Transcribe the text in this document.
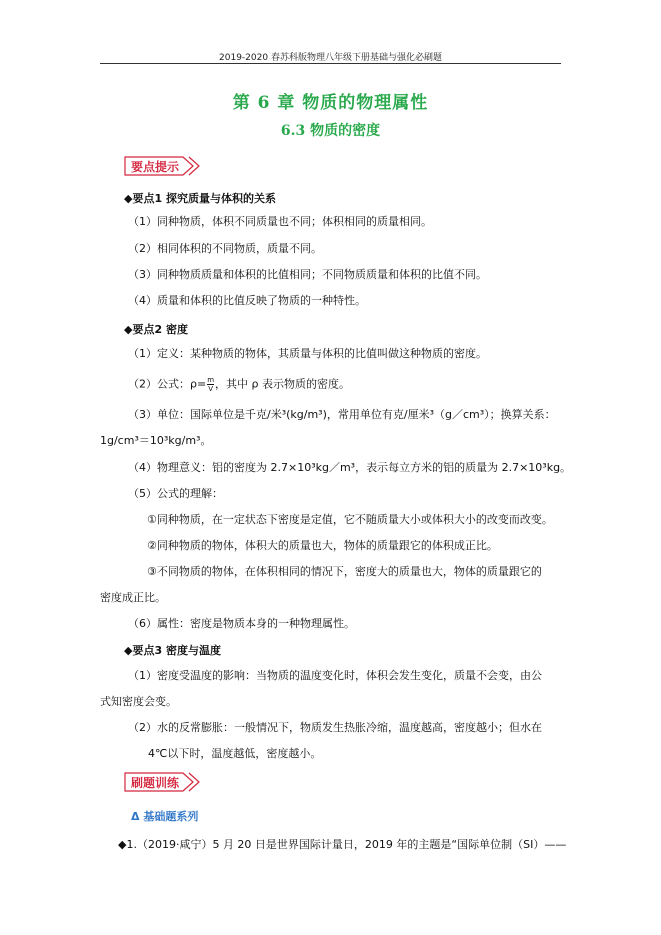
2019-2020 春苏科版物理八年级下册基础与强化必刷题
第 6 章 物质的物理属性
6.3 物质的密度
要点提示
◆要点1 探究质量与体积的关系
（1）同种物质，体积不同质量也不同；体积相同的质量相同。
（2）相同体积的不同物质，质量不同。
（3）同种物质质量和体积的比值相同；不同物质质量和体积的比值不同。
（4）质量和体积的比值反映了物质的一种特性。
◆要点2 密度
（1）定义：某种物质的物体，其质量与体积的比值叫做这种物质的密度。
（2）公式：$\rho= \frac{m}{V}$ ，其中 ρ 表示物质的密度。
（3）单位：国际单位是千克/米³(kg/m³)，常用单位有克/厘米³（g／cm³）；换算关系：
1g/cm³＝10³kg/m³。
（4）物理意义：铝的密度为 2.7×10³kg／m³，表示每立方米的铝的质量为 2.7×10³kg。
（5）公式的理解：
①同种物质，在一定状态下密度是定值，它不随质量大小或体积大小的改变而改变。
②同种物质的物体，体积大的质量也大，物体的质量跟它的体积成正比。
③不同物质的物体，在体积相同的情况下，密度大的质量也大，物体的质量跟它的
密度成正比。
（6）属性：密度是物质本身的一种物理属性。
◆要点3 密度与温度
（1）密度受温度的影响：当物质的温度变化时，体积会发生变化，质量不会变，由公
式知密度会变。
（2）水的反常膨胀：一般情况下，物质发生热胀冷缩，温度越高，密度越小；但水在
4℃以下时，温度越低，密度越小。
刷题训练
Δ 基础题系列
◆1.（2019·咸宁）5 月 20 日是世界国际计量日，2019 年的主题是“国际单位制（SI）——
